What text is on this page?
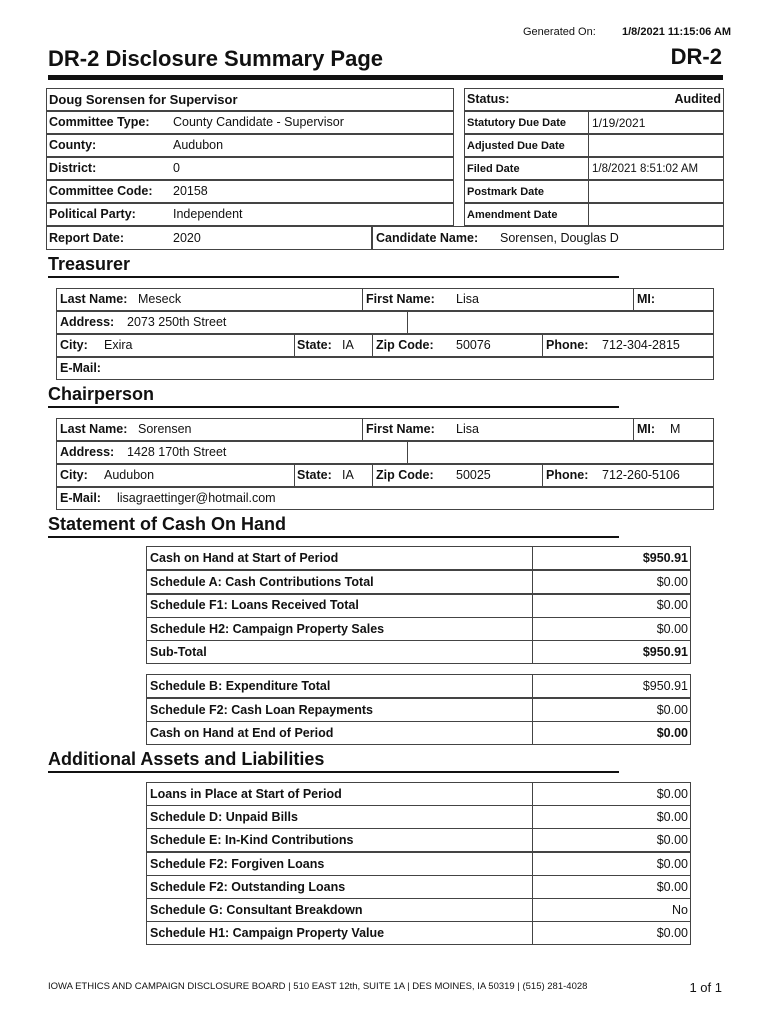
Generated On: 1/8/2021 11:15:06 AM
DR-2 Disclosure Summary Page	DR-2
Doug Sorensen for Supervisor
Committee Type: County Candidate - Supervisor
County:	Audubon
District:	0
Committee Code: 20158
Political Party:	Independent
Report Date:	2020	Candidate Name: Sorensen, Douglas D
Status:	Audited
Statutory Due Date 1/19/2021
Adjusted Due Date
Filed Date	1/8/2021 8:51:02 AM
Postmark Date
Amendment Date
Treasurer
Last Name: Meseck	First Name: Lisa	MI:
Address: 2073 250th Street
City: Exira	State: IA Zip Code: 50076	Phone: 712-304-2815
E-Mail:
Chairperson
Last Name: Sorensen	First Name: Lisa	MI: M
Address: 1428 170th Street
City: Audubon	State: IA Zip Code: 50025	Phone: 712-260-5106
E-Mail: lisagraettinger@hotmail.com
Statement of Cash On Hand
Cash on Hand at Start of Period	$950.91
Schedule A: Cash Contributions Total	$0.00
Schedule F1: Loans Received Total	$0.00
Schedule H2: Campaign Property Sales	$0.00
Sub-Total	$950.91
Schedule B: Expenditure Total	$950.91
Schedule F2: Cash Loan Repayments	$0.00
Cash on Hand at End of Period	$0.00
Additional Assets and Liabilities
Loans in Place at Start of Period	$0.00
Schedule D: Unpaid Bills	$0.00
Schedule E: In-Kind Contributions	$0.00
Schedule F2: Forgiven Loans	$0.00
Schedule F2: Outstanding Loans	$0.00
Schedule G: Consultant Breakdown	No
Schedule H1: Campaign Property Value	$0.00
IOWA ETHICS AND CAMPAIGN DISCLOSURE BOARD | 510 EAST 12th, SUITE 1A | DES MOINES, IA 50319 | (515) 281-4028	1 of 1
